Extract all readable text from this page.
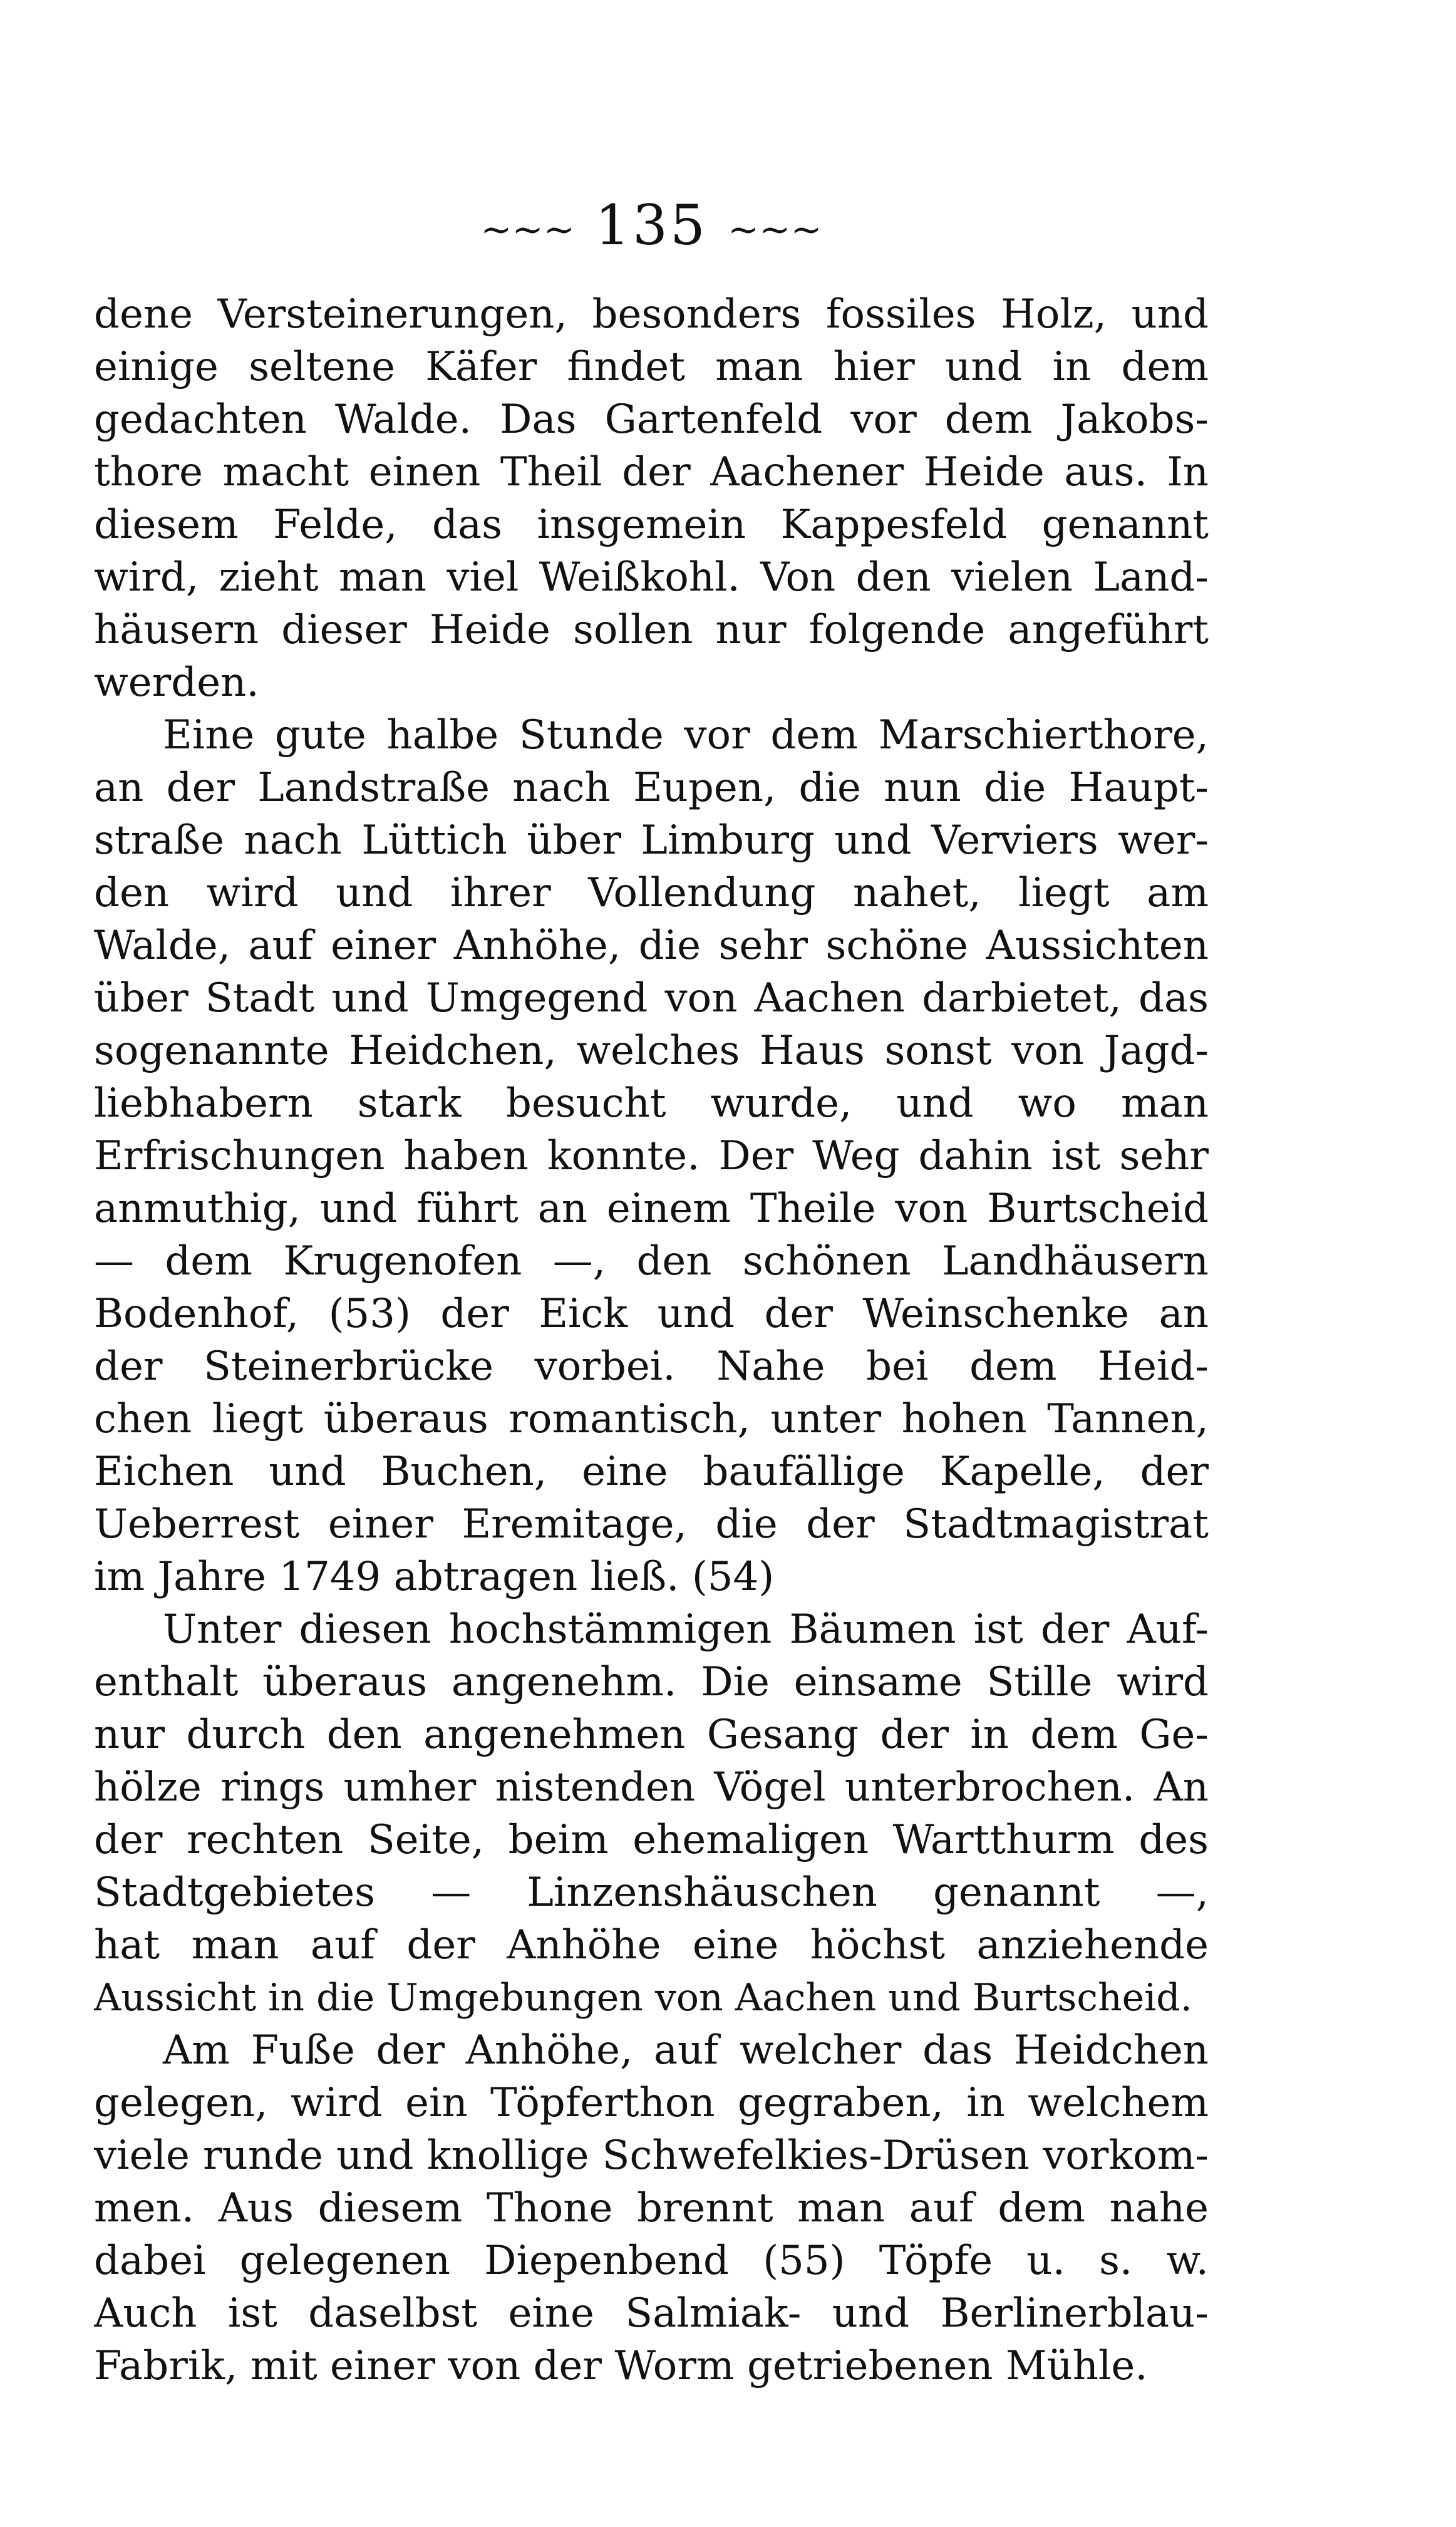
~~~ 135 ~~~
dene Versteinerungen, besonders fossiles Holz, und
einige seltene Käfer findet man hier und in dem
gedachten Walde. Das Gartenfeld vor dem Jakobs-
thore macht einen Theil der Aachener Heide aus. In
diesem Felde, das insgemein Kappesfeld genannt
wird, zieht man viel Weißkohl. Von den vielen Land-
häusern dieser Heide sollen nur folgende angeführt
werden.
Eine gute halbe Stunde vor dem Marschierthore,
an der Landstraße nach Eupen, die nun die Haupt-
straße nach Lüttich über Limburg und Verviers wer-
den wird und ihrer Vollendung nahet, liegt am
Walde, auf einer Anhöhe, die sehr schöne Aussichten
über Stadt und Umgegend von Aachen darbietet, das
sogenannte Heidchen, welches Haus sonst von Jagd-
liebhabern stark besucht wurde, und wo man
Erfrischungen haben konnte. Der Weg dahin ist sehr
anmuthig, und führt an einem Theile von Burtscheid
— dem Krugenofen —, den schönen Landhäusern
Bodenhof, (53) der Eick und der Weinschenke an
der Steinerbrücke vorbei. Nahe bei dem Heid-
chen liegt überaus romantisch, unter hohen Tannen,
Eichen und Buchen, eine baufällige Kapelle, der
Ueberrest einer Eremitage, die der Stadtmagistrat
im Jahre 1749 abtragen ließ. (54)
Unter diesen hochstämmigen Bäumen ist der Auf-
enthalt überaus angenehm. Die einsame Stille wird
nur durch den angenehmen Gesang der in dem Ge-
hölze rings umher nistenden Vögel unterbrochen. An
der rechten Seite, beim ehemaligen Wartthurm des
Stadtgebietes — Linzenshäuschen genannt —,
hat man auf der Anhöhe eine höchst anziehende
Aussicht in die Umgebungen von Aachen und Burtscheid.
Am Fuße der Anhöhe, auf welcher das Heidchen
gelegen, wird ein Töpferthon gegraben, in welchem
viele runde und knollige Schwefelkies-Drüsen vorkom-
men. Aus diesem Thone brennt man auf dem nahe
dabei gelegenen Diepenbend (55) Töpfe u. s. w.
Auch ist daselbst eine Salmiak- und Berlinerblau-
Fabrik, mit einer von der Worm getriebenen Mühle.
